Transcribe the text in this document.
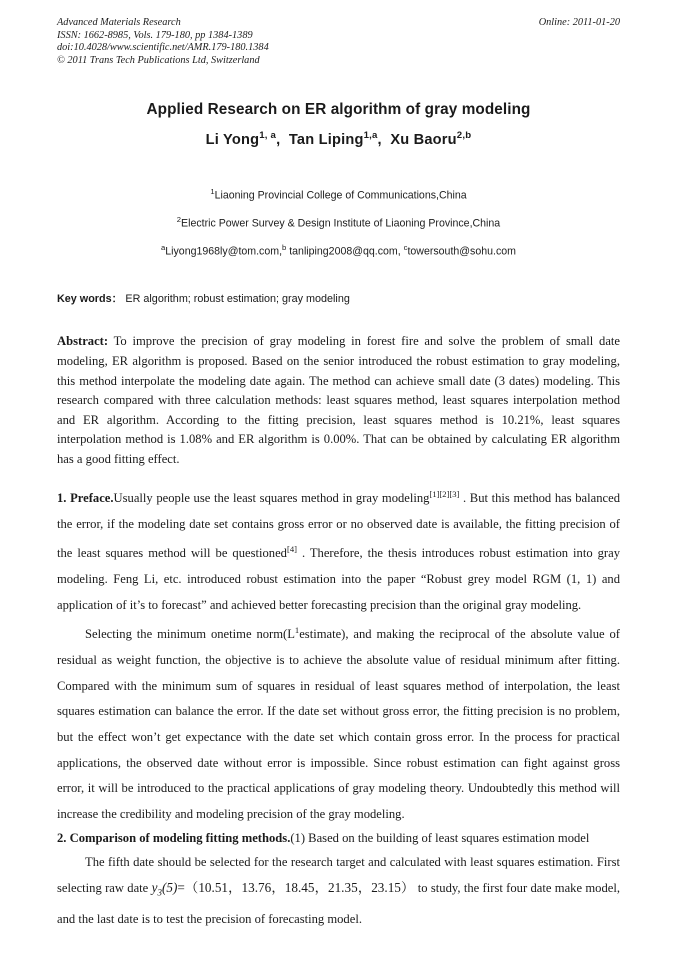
Advanced Materials Research
ISSN: 1662-8985, Vols. 179-180, pp 1384-1389
doi:10.4028/www.scientific.net/AMR.179-180.1384
© 2011 Trans Tech Publications Ltd, Switzerland
Online: 2011-01-20
Applied Research on ER algorithm of gray modeling
Li Yong$^{1, a}$, Tan Liping$^{1,a}$, Xu Baoru$^{2,b}$
$^1$Liaoning Provincial College of Communications,China
$^2$Electric Power Survey & Design Institute of Liaoning Province,China
$^a$Liyong1968ly@tom.com,$^b$ tanliping2008@qq.com, $^c$towersouth@sohu.com
Key words： ER algorithm; robust estimation; gray modeling

Abstract: To improve the precision of gray modeling in forest fire and solve the problem of small date modeling, ER algorithm is proposed. Based on the senior introduced the robust estimation to gray modeling, this method interpolate the modeling date again. The method can achieve small date (3 dates) modeling. This research compared with three calculation methods: least squares method, least squares interpolation method and ER algorithm. According to the fitting precision, least squares method is 10.21%, least squares interpolation method is 1.08% and ER algorithm is 0.00%. That can be obtained by calculating ER algorithm has a good fitting effect.

1. Preface.Usually people use the least squares method in gray modeling[1][2][3] . But this method has balanced the error, if the modeling date set contains gross error or no observed date is available, the fitting precision of the least squares method will be questioned[4] . Therefore, the thesis introduces robust estimation into gray modeling. Feng Li, etc. introduced robust estimation into the paper “Robust grey model RGM (1, 1) and application of it’s to forecast” and achieved better forecasting precision than the original gray modeling.

Selecting the minimum onetime $norm(L^1estimate)$, and making the reciprocal of the absolute value of residual as weight function, the objective is to achieve the absolute value of residual minimum after fitting. Compared with the minimum sum of squares in residual of least squares method of interpolation, the least squares estimation can balance the error. If the date set without gross error, the fitting precision is no problem, but the effect won’t get expectance with the date set which contain gross error. In the process for practical applications, the observed date without error is impossible. Since robust estimation can fight against gross error, it will be introduced to the practical applications of gray modeling theory. Undoubtedly this method will increase the credibility and modeling precision of the gray modeling.

2. Comparison of modeling fitting methods.(1) Based on the building of least squares estimation model

The fifth date should be selected for the research target and calculated with least squares estimation. First selecting raw date $y_3(5)=(10.51$，13.76，18.45，21.35，23.15） to study, the first four date make model, and the last date is to test the precision of forecasting model.
